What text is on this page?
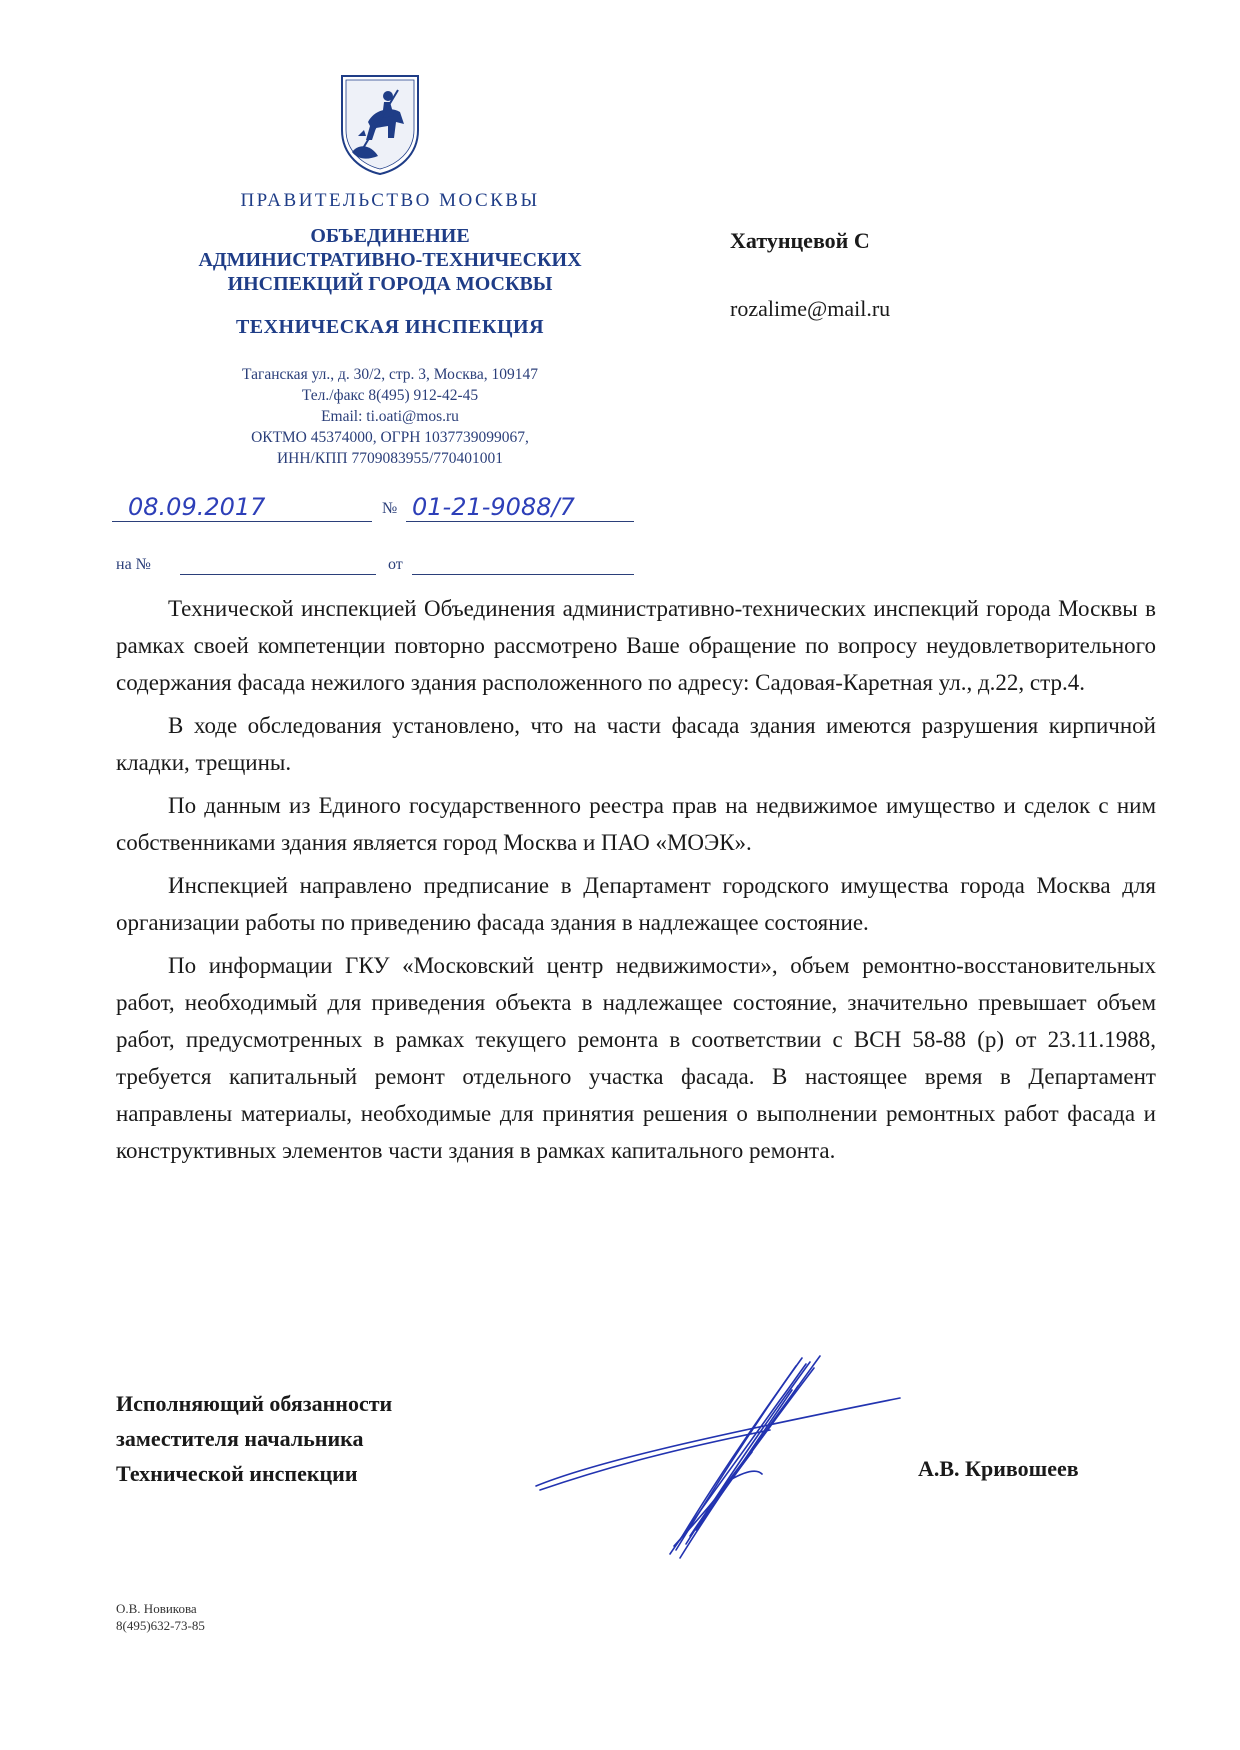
ПРАВИТЕЛЬСТВО МОСКВЫ
ОБЪЕДИНЕНИЕ
АДМИНИСТРАТИВНО-ТЕХНИЧЕСКИХ
ИНСПЕКЦИЙ ГОРОДА МОСКВЫ
ТЕХНИЧЕСКАЯ ИНСПЕКЦИЯ
Таганская ул., д. 30/2, стр. 3, Москва, 109147
Тел./факс 8(495) 912-42-45
Email: ti.oati@mos.ru
ОКТМО 45374000, ОГРН 1037739099067,
ИНН/КПП 7709083955/770401001
08.09.2017	№ 01-21-9088/7
на №	от
Хатунцевой С
rozalime@mail.ru

Технической инспекцией Объединения административно-технических инспекций города Москвы в рамках своей компетенции повторно рассмотрено Ваше обращение по вопросу неудовлетворительного содержания фасада нежилого здания расположенного по адресу: Садовая-Каретная ул., д.22, стр.4.

В ходе обследования установлено, что на части фасада здания имеются разрушения кирпичной кладки, трещины.

По данным из Единого государственного реестра прав на недвижимое имущество и сделок с ним собственниками здания является город Москва и ПАО «МОЭК».

Инспекцией направлено предписание в Департамент городского имущества города Москва для организации работы по приведению фасада здания в надлежащее состояние.

По информации ГКУ «Московский центр недвижимости», объем ремонтно-восстановительных работ, необходимый для приведения объекта в надлежащее состояние, значительно превышает объем работ, предусмотренных в рамках текущего ремонта в соответствии с ВСН 58-88 (р) от 23.11.1988, требуется капитальный ремонт отдельного участка фасада. В настоящее время в Департамент направлены материалы, необходимые для принятия решения о выполнении ремонтных работ фасада и конструктивных элементов части здания в рамках капитального ремонта.

Исполняющий обязанности
заместителя начальника
Технической инспекции	А.В. Кривошеев
О.В. Новикова
8(495)632-73-85
